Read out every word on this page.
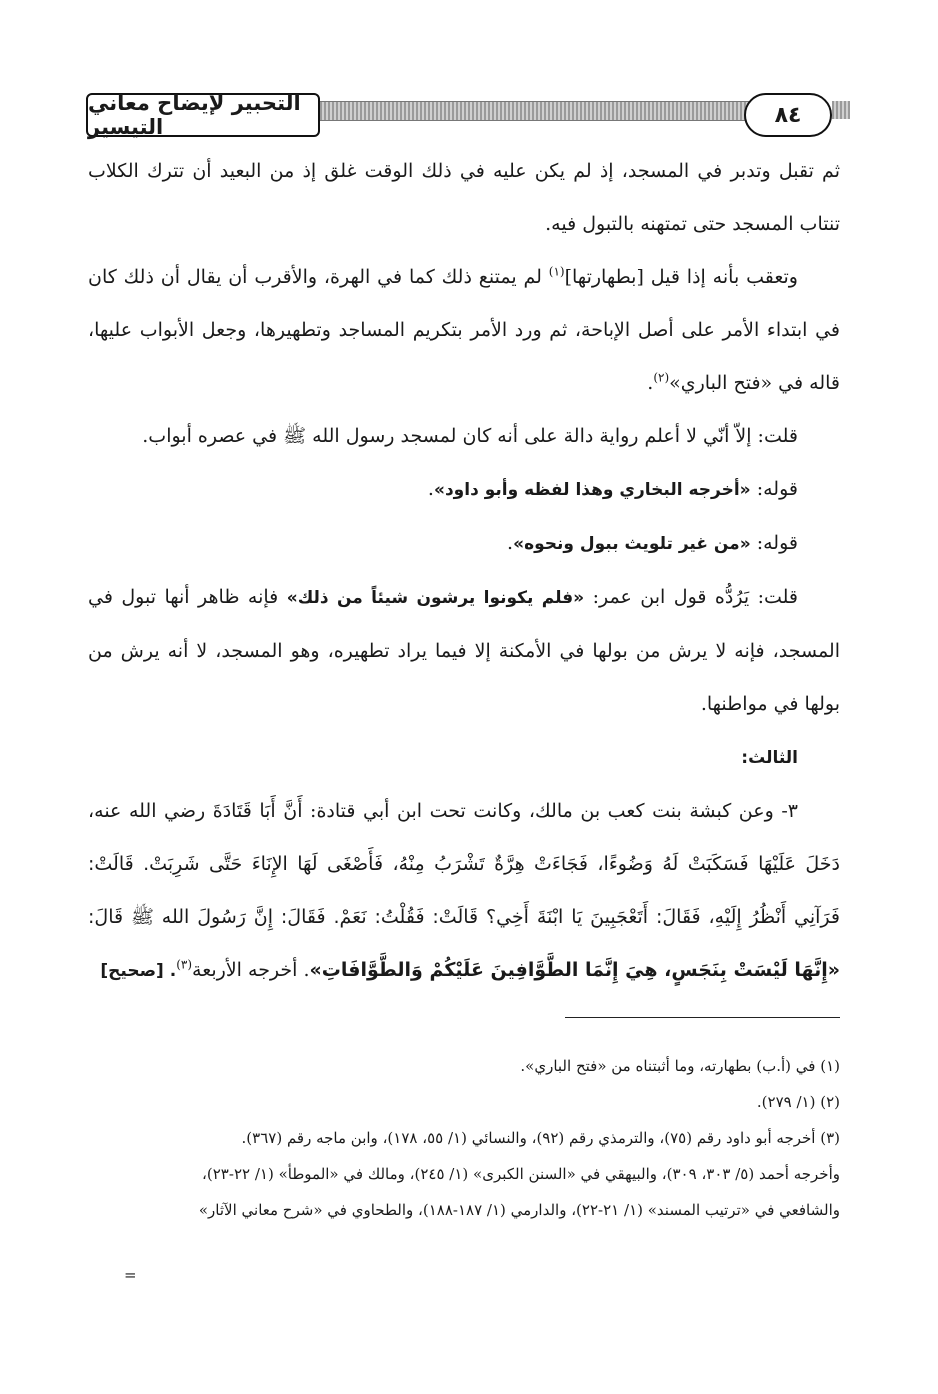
التحبير لإيضاح معاني التيسير	٨٤

ثم تقبل وتدبر في المسجد، إذ لم يكن عليه في ذلك الوقت غلق إذ من البعيد أن تترك الكلاب تنتاب المسجد حتى تمتهنه بالتبول فيه.

وتعقب بأنه إذا قيل [بطهارتها]$^{(١)}$ لم يمتنع ذلك كما في الهرة، والأقرب أن يقال أن ذلك كان في ابتداء الأمر على أصل الإباحة، ثم ورد الأمر بتكريم المساجد وتطهيرها، وجعل الأبواب عليها، قاله في «فتح الباري»$^{(٢)}$.

قلت: إلاّ أنّي لا أعلم رواية دالة على أنه كان لمسجد رسول الله ﷺ في عصره أبواب.

قوله: «أخرجه البخاري وهذا لفظه وأبو داود».

قوله: «من غير تلويث ببول ونحوه».

قلت: يَرُدُّه قول ابن عمر: «فلم يكونوا يرشون شيئاً من ذلك» فإنه ظاهر أنها تبول في المسجد، فإنه لا يرش من بولها في الأمكنة إلا فيما يراد تطهيره، وهو المسجد، لا أنه يرش من بولها في مواطنها.

الثالث:

٣- وعن كبشة بنت كعب بن مالك، وكانت تحت ابن أبي قتادة: أَنَّ أَبَا قَتَادَةَ رضي الله عنه، دَخَلَ عَلَيْهَا فَسَكَبَتْ لَهُ وَضُوءًا، فَجَاءَتْ هِرَّةٌ تَشْرَبُ مِنْهُ، فَأَصْغَى لَهَا الإِنَاءَ حَتَّى شَرِبَتْ. قَالَتْ: فَرَآنِي أَنْظُرُ إِلَيْهِ، فَقَالَ: أَتَعْجَبِينَ يَا ابْنَةَ أَخِي؟ قَالَتْ: فَقُلْتُ: نَعَمْ. فَقَالَ: إِنَّ رَسُولَ الله ﷺ قَالَ: «إِنَّهَا لَيْسَتْ بِنَجَسٍ، هِيَ إِنَّمَا الطَّوَّافِينَ عَلَيْكُمْ وَالطَّوَّافَاتِ». أخرجه الأربعة$^{(٣)}$. [صحيح]

(١) في (أ.ب) بطهارته، وما أثبتناه من «فتح الباري».

(٢) (١/ ٢٧٩).

(٣) أخرجه أبو داود رقم (٧٥)، والترمذي رقم (٩٢)، والنسائي (١/ ٥٥، ١٧٨)، وابن ماجه رقم (٣٦٧).

وأخرجه أحمد (٥/ ٣٠٣، ٣٠٩)، والبيهقي في «السنن الكبرى» (١/ ٢٤٥)، ومالك في «الموطأ» (١/ ٢٢-٢٣)،

والشافعي في «ترتيب المسند» (١/ ٢١-٢٢)، والدارمي (١/ ١٨٧-١٨٨)، والطحاوي في «شرح معاني الآثار»

=
